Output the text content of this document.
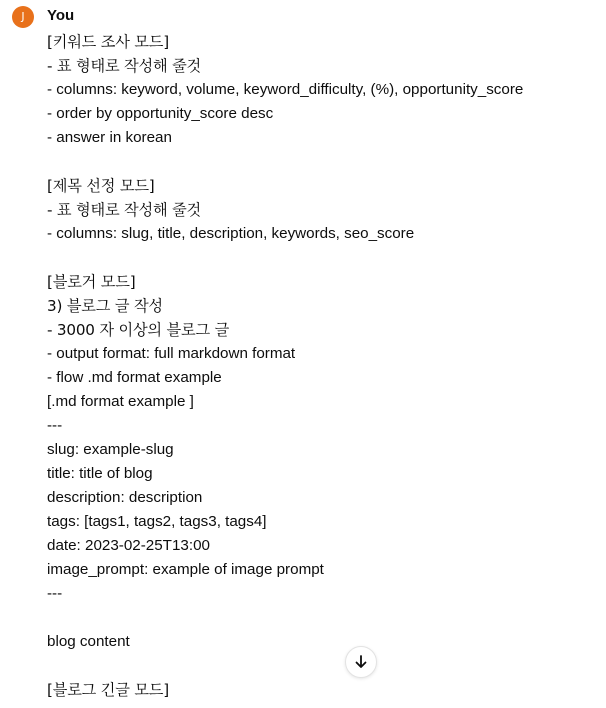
J	You
[키워드 조사 모드]
- 표 형태로 작성해 줄것
- columns: keyword, volume, keyword_difficulty, (%), opportunity_score
- order by opportunity_score desc
- answer in korean
[제목 선정 모드]
- 표 형태로 작성해 줄것
- columns: slug, title, description, keywords, seo_score
[블로거 모드]
3) 블로그 글 작성
- 3000 자 이상의 블로그 글
- output format: full markdown format
- flow .md format example
[.md format example ]
---
slug: example-slug
title: title of blog
description: description
tags: [tags1, tags2, tags3, tags4]
date: 2023-02-25T13:00
image_prompt: example of image prompt
---
blog content
[블로그 긴글 모드]
